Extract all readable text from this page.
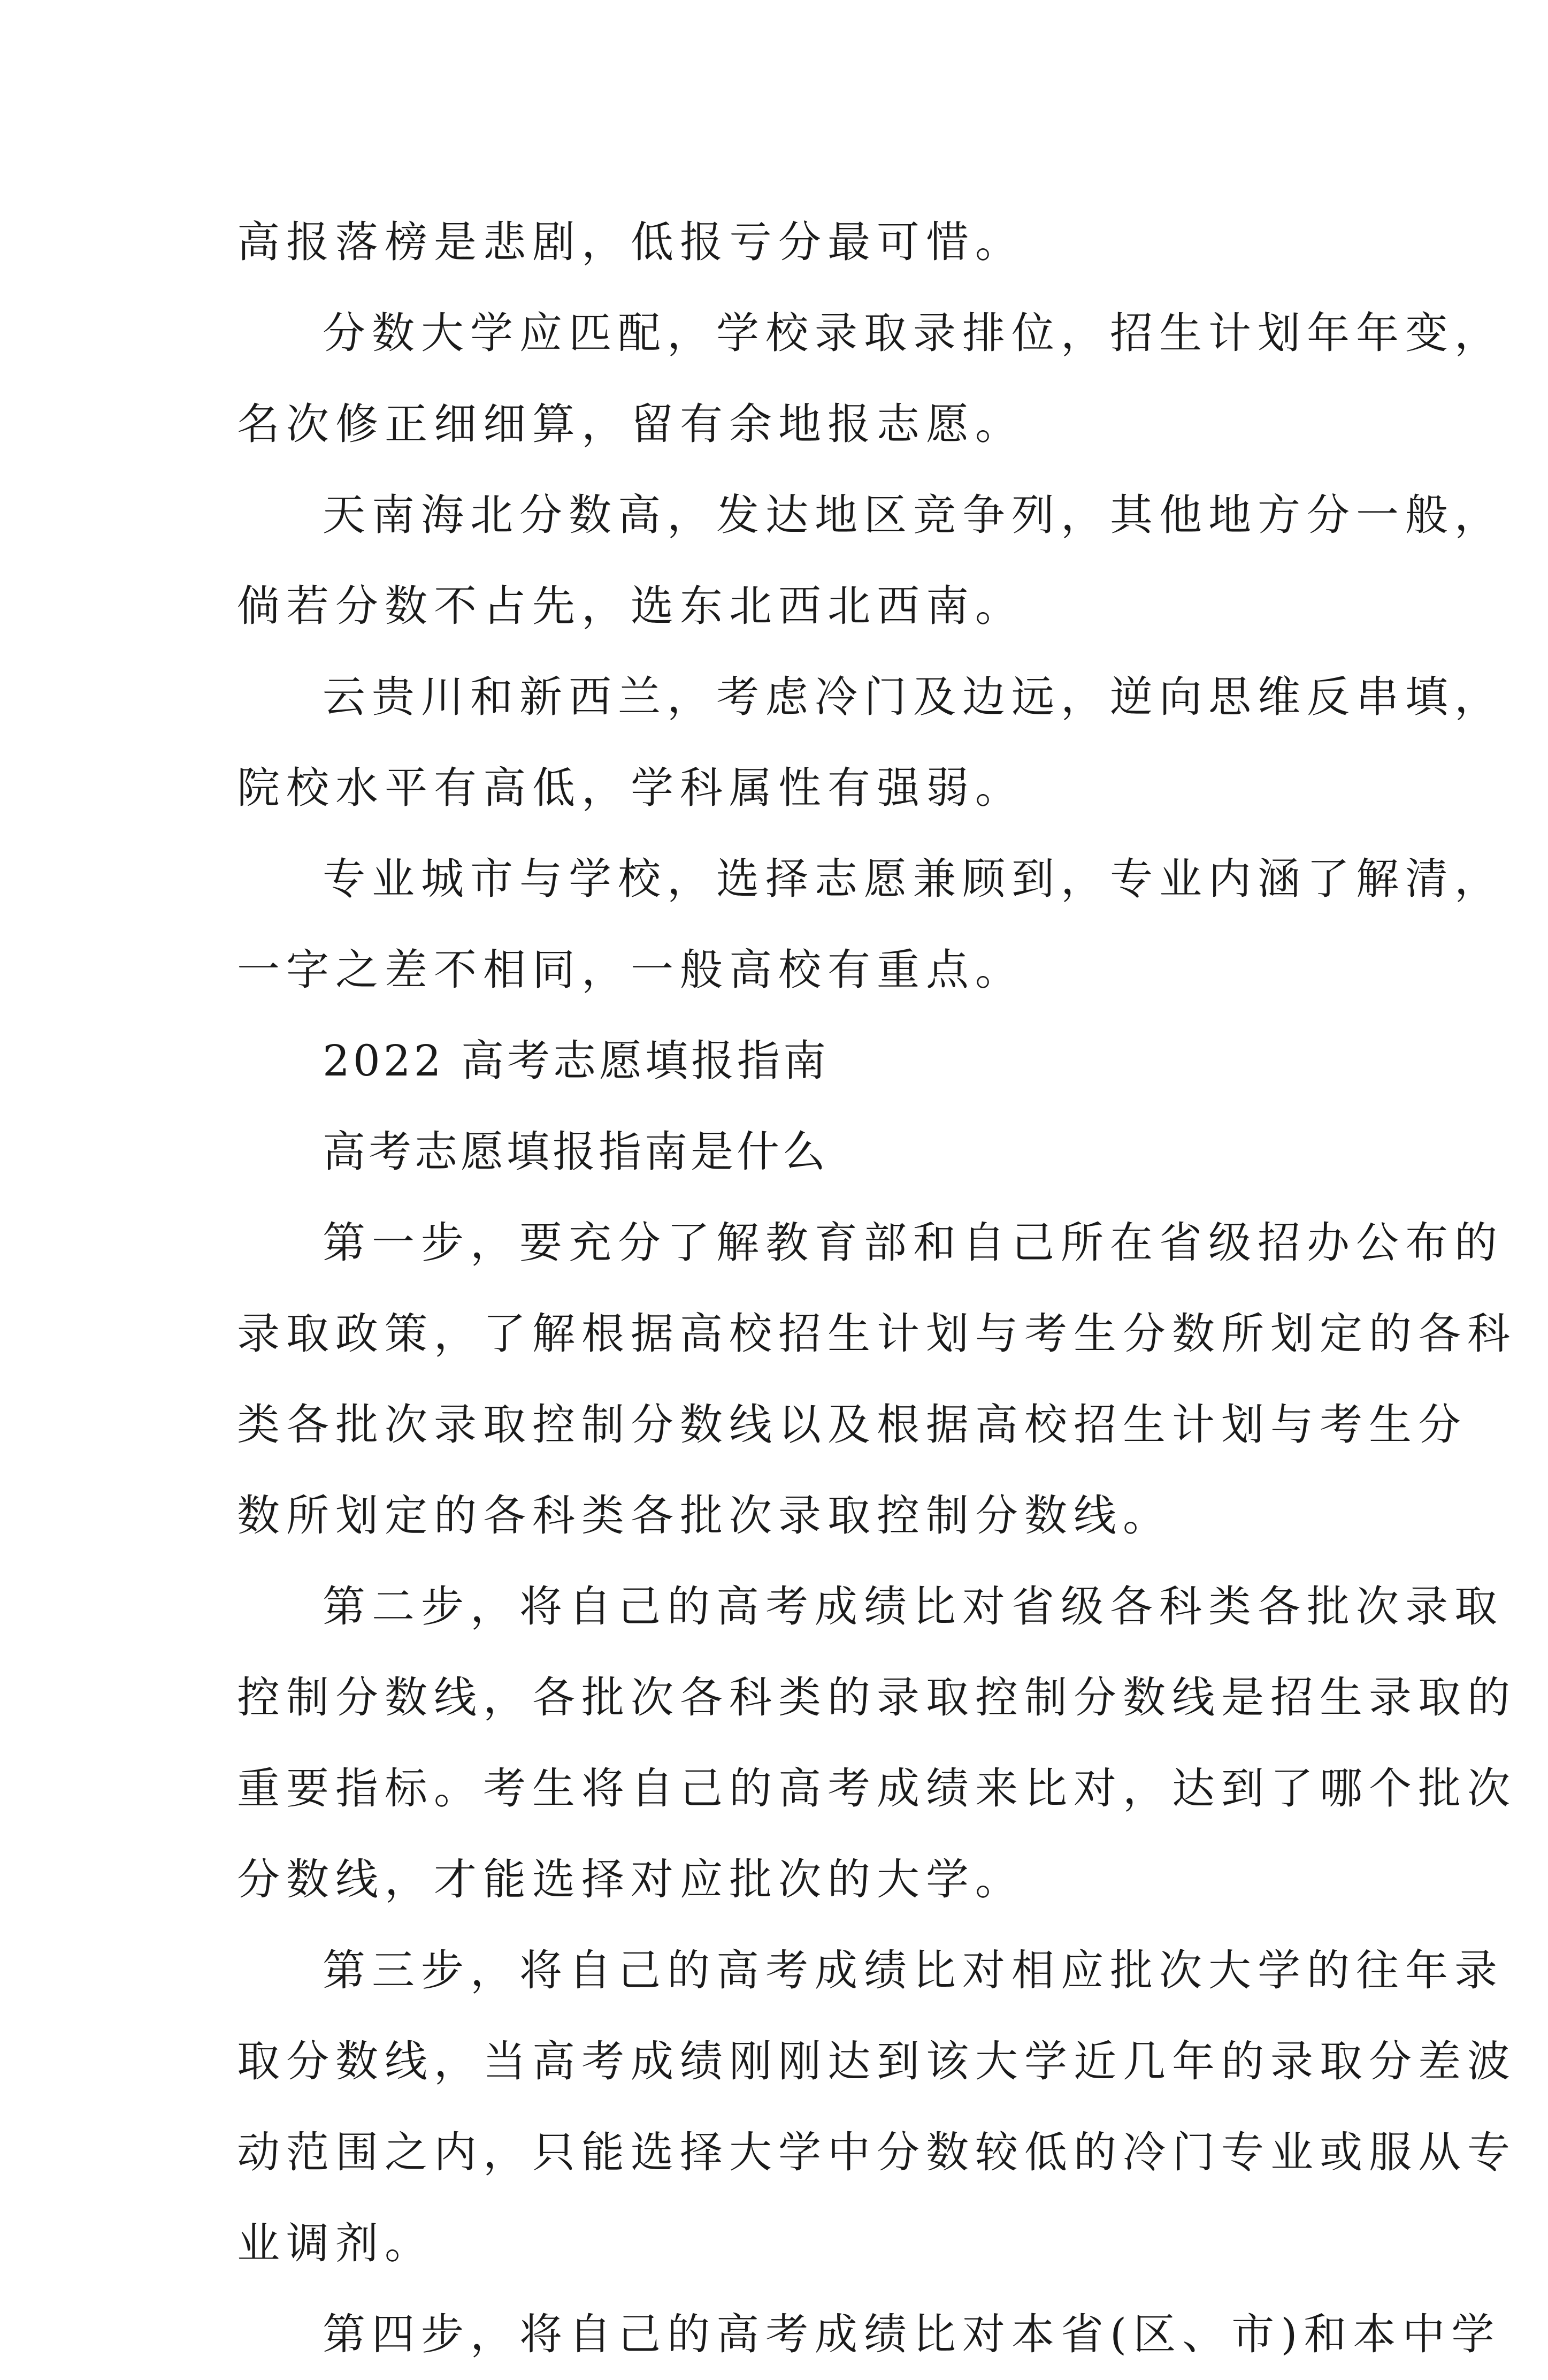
高报落榜是悲剧，低报亏分最可惜。
分数大学应匹配，学校录取录排位，招生计划年年变，
名次修正细细算，留有余地报志愿。
天南海北分数高，发达地区竞争列，其他地方分一般，
倘若分数不占先，选东北西北西南。
云贵川和新西兰，考虑冷门及边远，逆向思维反串填，
院校水平有高低，学科属性有强弱。
专业城市与学校，选择志愿兼顾到，专业内涵了解清，
一字之差不相同，一般高校有重点。
2022 高考志愿填报指南
高考志愿填报指南是什么
第一步，要充分了解教育部和自己所在省级招办公布的
录取政策，了解根据高校招生计划与考生分数所划定的各科
类各批次录取控制分数线以及根据高校招生计划与考生分
数所划定的各科类各批次录取控制分数线。
第二步，将自己的高考成绩比对省级各科类各批次录取
控制分数线，各批次各科类的录取控制分数线是招生录取的
重要指标。考生将自己的高考成绩来比对，达到了哪个批次
分数线，才能选择对应批次的大学。
第三步，将自己的高考成绩比对相应批次大学的往年录
取分数线，当高考成绩刚刚达到该大学近几年的录取分差波
动范围之内，只能选择大学中分数较低的冷门专业或服从专
业调剂。
第四步，将自己的高考成绩比对本省(区、市)和本中学
